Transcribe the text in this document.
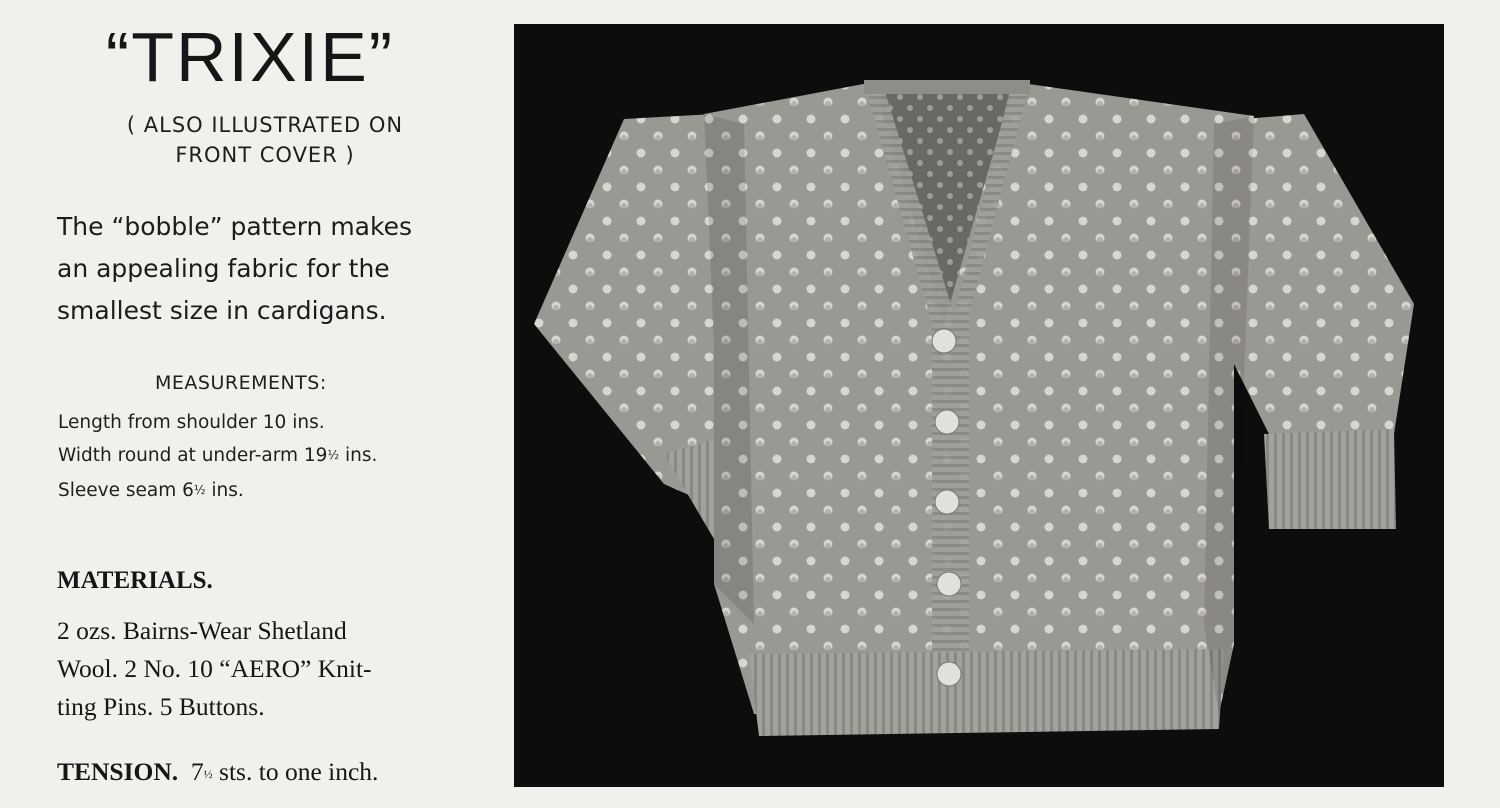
“TRIXIE”
( ALSO ILLUSTRATED ON
FRONT COVER )
The “bobble” pattern makes
an appealing fabric for the
smallest size in cardigans.
MEASUREMENTS:
Length from shoulder 10 ins.
Width round at under-arm 19½ ins.
Sleeve seam 6½ ins.
MATERIALS.
2 ozs. Bairns-Wear Shetland
Wool. 2 No. 10 “AERO” Knit-
ting Pins. 5 Buttons.
TENSION.  7½ sts. to one inch.
